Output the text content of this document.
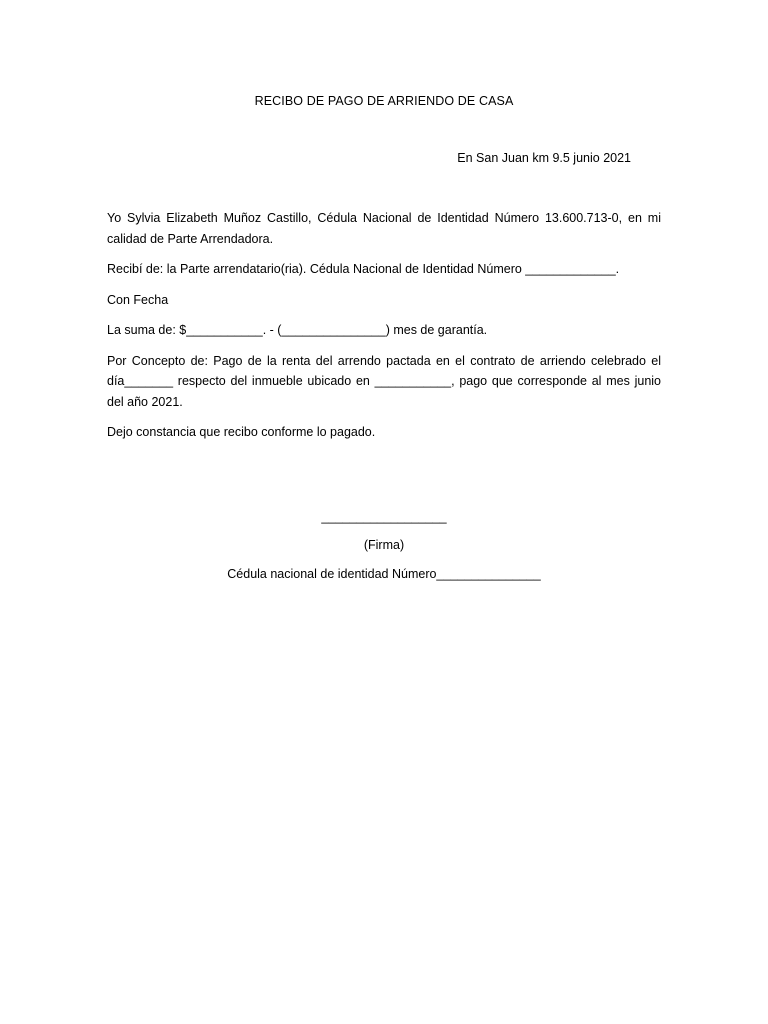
RECIBO DE PAGO DE ARRIENDO DE CASA
En San Juan km 9.5 junio 2021

Yo Sylvia Elizabeth Muñoz Castillo, Cédula Nacional de Identidad Número 13.600.713-0, en mi calidad de Parte Arrendadora.

Recibí de: la Parte arrendatario(ria). Cédula Nacional de Identidad Número _____________.

Con Fecha

La suma de: $___________. - (_______________) mes de garantía.

Por Concepto de: Pago de la renta del arrendo pactada en el contrato de arriendo celebrado el día_______ respecto del inmueble ubicado en ___________, pago que corresponde al mes junio del año 2021.

Dejo constancia que recibo conforme lo pagado.

__________________
(Firma)
Cédula nacional de identidad Número_______________
